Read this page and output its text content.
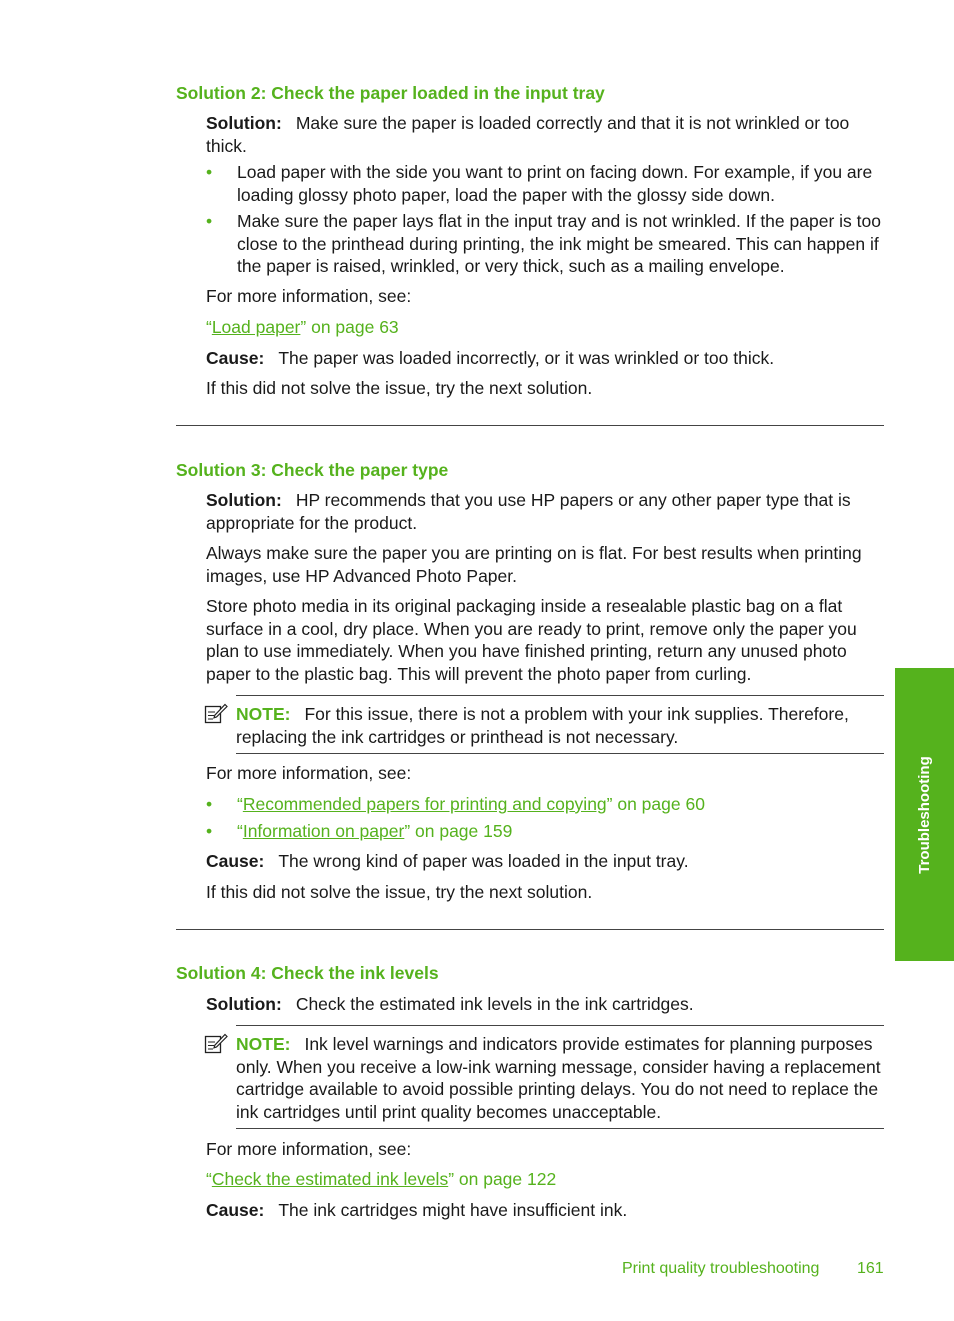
Solution 2: Check the paper loaded in the input tray

Solution: Make sure the paper is loaded correctly and that it is not wrinkled or too thick.

• Load paper with the side you want to print on facing down. For example, if you are loading glossy photo paper, load the paper with the glossy side down.
• Make sure the paper lays flat in the input tray and is not wrinkled. If the paper is too close to the printhead during printing, the ink might be smeared. This can happen if the paper is raised, wrinkled, or very thick, such as a mailing envelope.
For more information, see:
“Load paper” on page 63
Cause: The paper was loaded incorrectly, or it was wrinkled or too thick.
If this did not solve the issue, try the next solution.
Solution 3: Check the paper type

Solution: HP recommends that you use HP papers or any other paper type that is appropriate for the product.

Always make sure the paper you are printing on is flat. For best results when printing images, use HP Advanced Photo Paper.
Store photo media in its original packaging inside a resealable plastic bag on a flat surface in a cool, dry place. When you are ready to print, remove only the paper you plan to use immediately. When you have finished printing, return any unused photo paper to the plastic bag. This will prevent the photo paper from curling.
NOTE: For this issue, there is not a problem with your ink supplies. Therefore, replacing the ink cartridges or printhead is not necessary.
For more information, see:
• “Recommended papers for printing and copying” on page 60
• “Information on paper” on page 159
Cause: The wrong kind of paper was loaded in the input tray.
If this did not solve the issue, try the next solution.
Solution 4: Check the ink levels
Solution: Check the estimated ink levels in the ink cartridges.
NOTE: Ink level warnings and indicators provide estimates for planning purposes only. When you receive a low-ink warning message, consider having a replacement cartridge available to avoid possible printing delays. You do not need to replace the ink cartridges until print quality becomes unacceptable.
For more information, see:
“Check the estimated ink levels” on page 122
Cause: The ink cartridges might have insufficient ink.
Troubleshooting
Print quality troubleshooting 161
